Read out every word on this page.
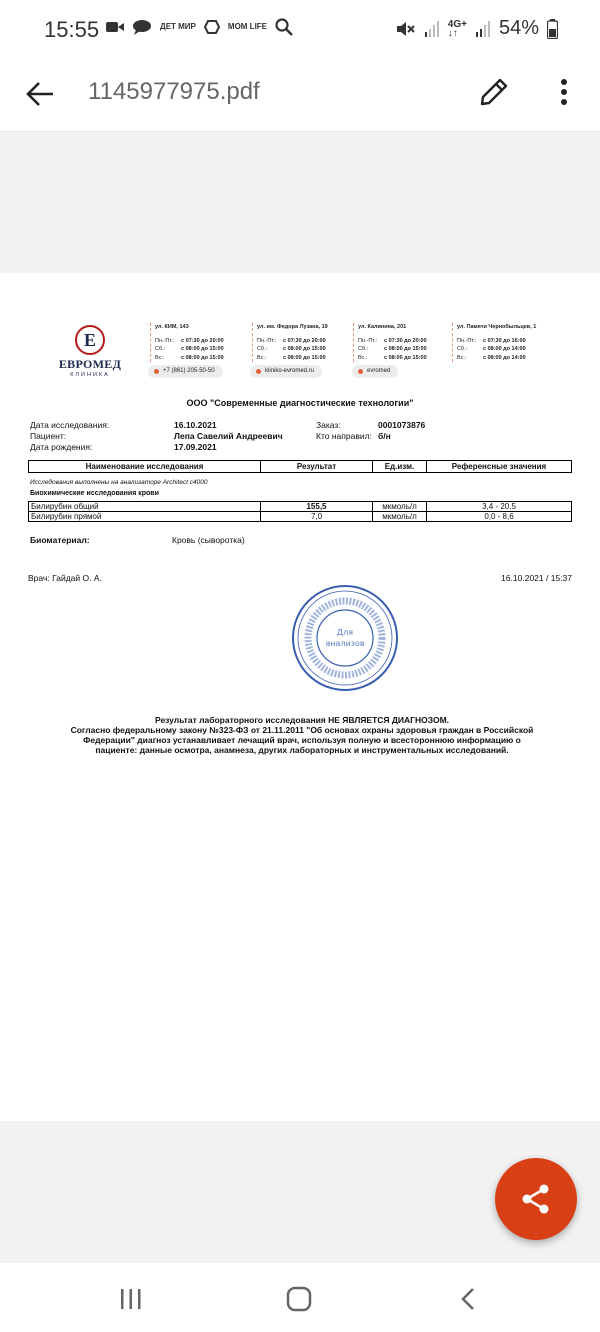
15:55	ДЕТ МИР	MOM LIFE	4G+
↓↑	54%
1145977975.pdf
Е
ЕВРОМЕД
КЛИНИКА
ул. КИМ, 143
Пн.-Пт.:	с 07:30 до 20:00
Сб.:	с 08:00 до 15:00
Вс.:	с 08:00 до 15:00
ул. им. Федора Лузана, 19
Пн.-Пт.:	с 07:30 до 20:00
Сб.:	с 08:00 до 15:00
Вс.:	с 08:00 до 15:00
ул. Калинина, 201
Пн.-Пт.:	с 07:30 до 20:00
Сб.:	с 08:00 до 15:00
Вс.:	с 08:00 до 15:00
ул. Памяти Чернобыльцев, 1
Пн.-Пт.:	с 07:30 до 16:00
Сб.:	с 08:00 до 14:00
Вс.:	с 08:00 до 14:00
+7 (861) 205-50-50	kliniko-evromed.ru	evromed
ООО "Современные диагностические технологии"
Дата исследования:	16.10.2021	Заказ:	0001073876
Пациент:	Лепа Савелий Андреевич	Кто направил: б/н
Дата рождения:	17.09.2021
Наименование исследования	Результат	Ед.изм.	Референсные значения
Исследования выполнены на анализаторе Architect c4000
Биохимические исследования крови
Билирубин общий	155,5	мкмоль/л	3,4 - 20,5
Билирубин прямой	7,0	мкмоль/л	0,0 - 8,6
Биоматериал:	Кровь (сыворотка)
Врач: Гайдай О. А.	16.10.2021 / 15:37
Для
анализов
Результат лабораторного исследования НЕ ЯВЛЯЕТСЯ ДИАГНОЗОМ.
Согласно федеральному закону №323-ФЗ от 21.11.2011 "Об основах охраны здоровья граждан в Российской
Федерации" диагноз устанавливает лечащий врач, используя полную и всестороннюю информацию о
пациенте: данные осмотра, анамнеза, других лабораторных и инструментальных исследований.
